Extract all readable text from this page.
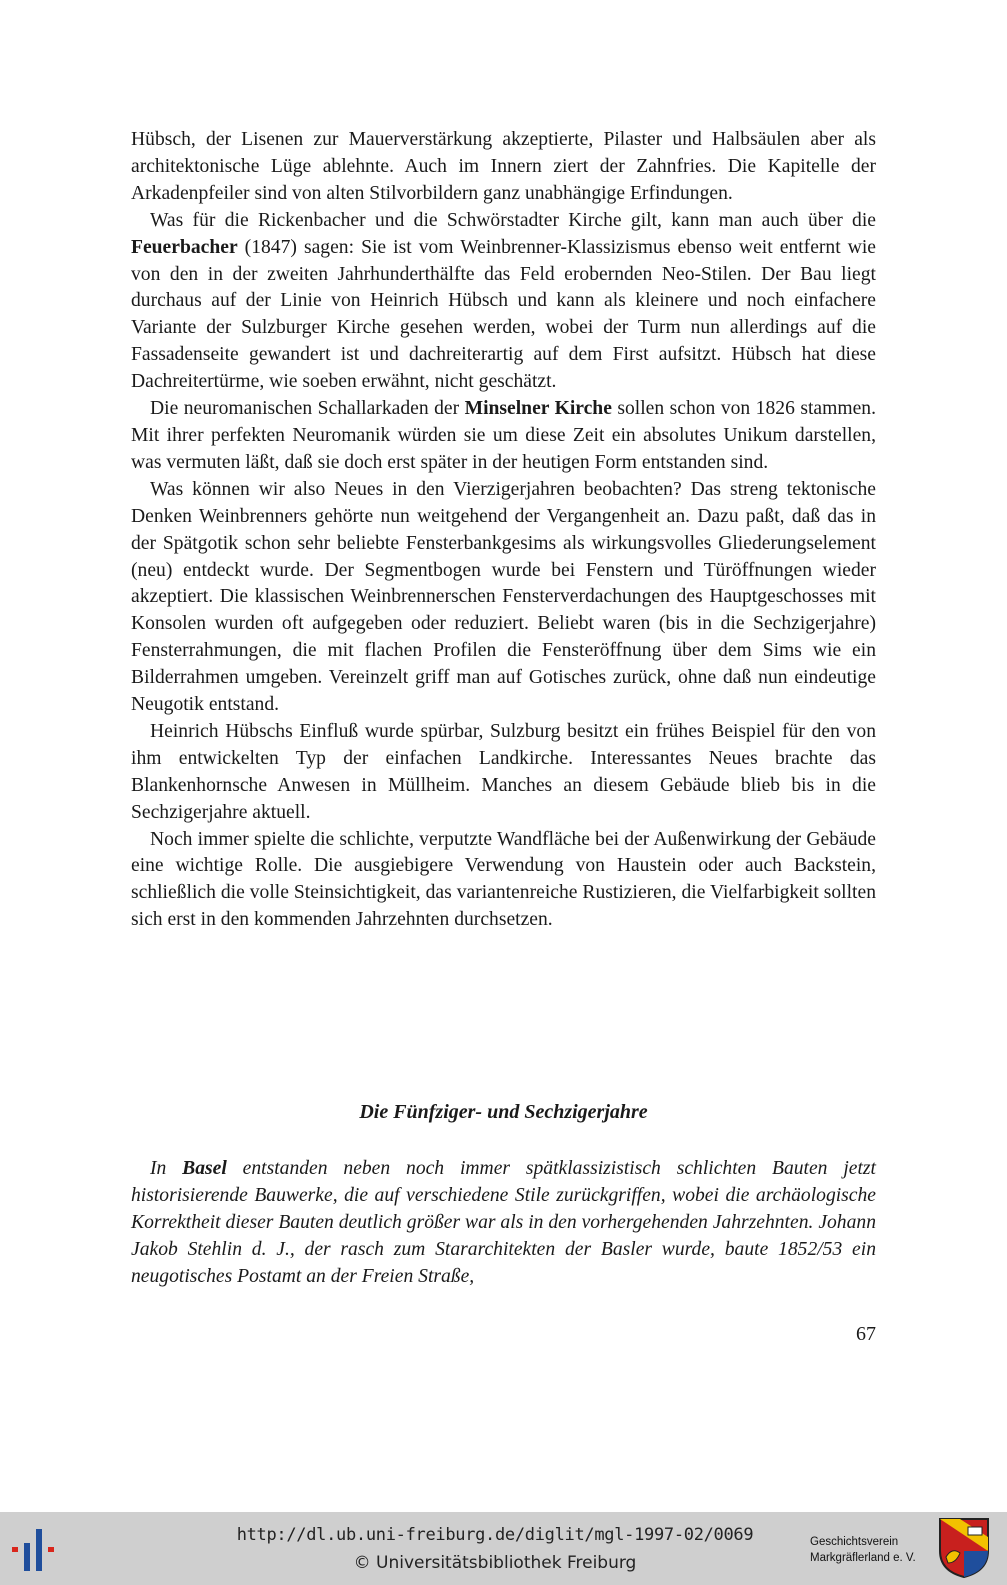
Hübsch, der Lisenen zur Mauerverstärkung akzeptierte, Pilaster und Halbsäulen aber als architektonische Lüge ablehnte. Auch im Innern ziert der Zahnfries. Die Kapitelle der Arkadenpfeiler sind von alten Stilvorbildern ganz unabhängige Erfindungen.

Was für die Rickenbacher und die Schwörstadter Kirche gilt, kann man auch über die Feuerbacher (1847) sagen: Sie ist vom Weinbrenner-Klassizismus ebenso weit entfernt wie von den in der zweiten Jahrhunderthälfte das Feld erobernden Neo-Stilen. Der Bau liegt durchaus auf der Linie von Heinrich Hübsch und kann als kleinere und noch einfachere Variante der Sulzburger Kirche gesehen werden, wobei der Turm nun allerdings auf die Fassadenseite gewandert ist und dachreiterartig auf dem First aufsitzt. Hübsch hat diese Dachreitertürme, wie soeben erwähnt, nicht geschätzt.

Die neuromanischen Schallarkaden der Minselner Kirche sollen schon von 1826 stammen. Mit ihrer perfekten Neuromanik würden sie um diese Zeit ein absolutes Unikum darstellen, was vermuten läßt, daß sie doch erst später in der heutigen Form entstanden sind.

Was können wir also Neues in den Vierzigerjahren beobachten? Das streng tektonische Denken Weinbrenners gehörte nun weitgehend der Vergangenheit an. Dazu paßt, daß das in der Spätgotik schon sehr beliebte Fensterbankgesims als wirkungsvolles Gliederungselement (neu) entdeckt wurde. Der Segmentbogen wurde bei Fenstern und Türöffnungen wieder akzeptiert. Die klassischen Weinbrennerschen Fensterverdachungen des Hauptgeschosses mit Konsolen wurden oft aufgegeben oder reduziert. Beliebt waren (bis in die Sechzigerjahre) Fensterrahmungen, die mit flachen Profilen die Fensteröffnung über dem Sims wie ein Bilderrahmen umgeben. Vereinzelt griff man auf Gotisches zurück, ohne daß nun eindeutige Neugotik entstand.

Heinrich Hübschs Einfluß wurde spürbar, Sulzburg besitzt ein frühes Beispiel für den von ihm entwickelten Typ der einfachen Landkirche. Interessantes Neues brachte das Blankenhornsche Anwesen in Müllheim. Manches an diesem Gebäude blieb bis in die Sechzigerjahre aktuell.

Noch immer spielte die schlichte, verputzte Wandfläche bei der Außenwirkung der Gebäude eine wichtige Rolle. Die ausgiebigere Verwendung von Haustein oder auch Backstein, schließlich die volle Steinsichtigkeit, das variantenreiche Rustizieren, die Vielfarbigkeit sollten sich erst in den kommenden Jahrzehnten durchsetzen.

Die Fünfziger- und Sechzigerjahre

In Basel entstanden neben noch immer spätklassizistisch schlichten Bauten jetzt historisierende Bauwerke, die auf verschiedene Stile zurückgriffen, wobei die archäologische Korrektheit dieser Bauten deutlich größer war als in den vorhergehenden Jahrzehnten. Johann Jakob Stehlin d. J., der rasch zum Stararchitekten der Basler wurde, baute 1852/53 ein neugotisches Postamt an der Freien Straße,

67
http://dl.ub.uni-freiburg.de/diglit/mgl-1997-02/0069
© Universitätsbibliothek Freiburg
Geschichtsverein
Markgräflerland e. V.
